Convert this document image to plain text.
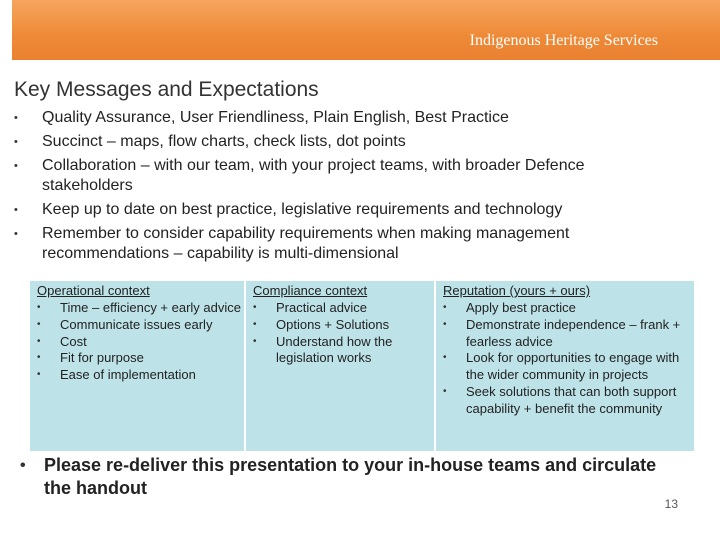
Indigenous Heritage Services
Key Messages and Expectations
• Quality Assurance, User Friendliness, Plain English, Best Practice
• Succinct – maps, flow charts, check lists, dot points
• Collaboration – with our team, with your project teams, with broader Defence stakeholders
• Keep up to date on best practice, legislative requirements and technology
• Remember to consider capability requirements when making management recommendations – capability is multi-dimensional
Operational context
• Time – efficiency + early advice
• Communicate issues early
• Cost
• Fit for purpose
• Ease of implementation
Compliance context
• Practical advice
• Options + Solutions
• Understand how the legislation works
Reputation (yours + ours)
• Apply best practice
• Demonstrate independence – frank + fearless advice
• Look for opportunities to engage with the wider community in projects
• Seek solutions that can both support capability + benefit the community
• Please re-deliver this presentation to your in-house teams and circulate the handout
13
